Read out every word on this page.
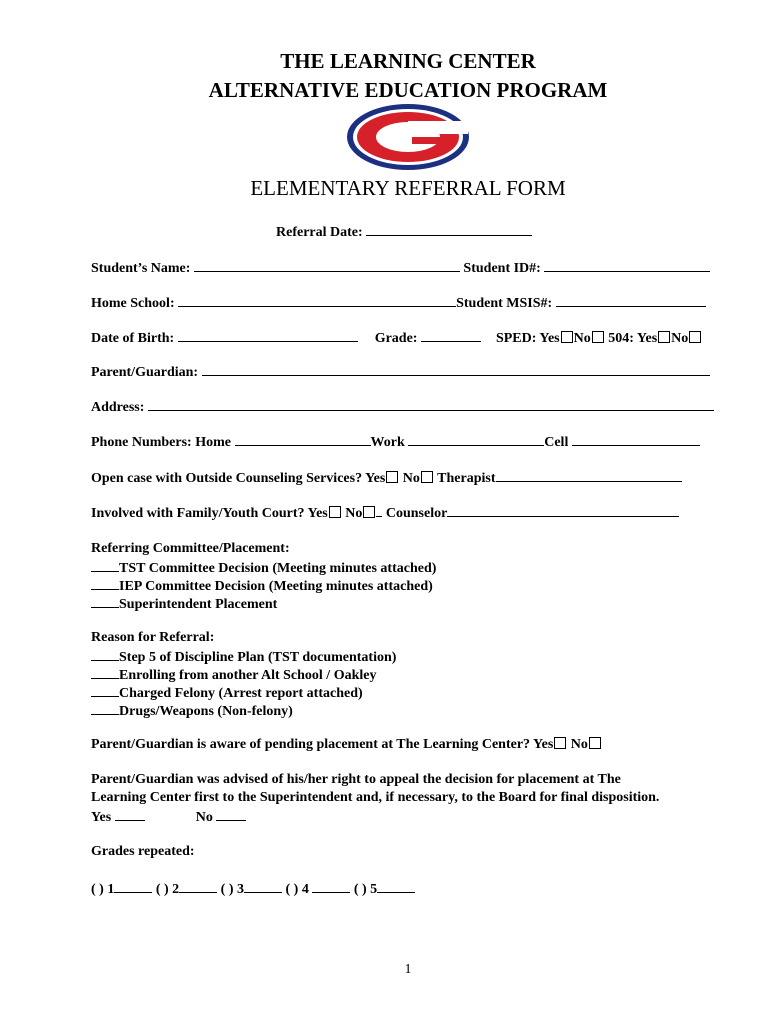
THE LEARNING CENTER
ALTERNATIVE EDUCATION PROGRAM
ELEMENTARY REFERRAL FORM
Referral Date:
Student’s Name:	Student ID#:
Home School:	Student MSIS#:
Date of Birth:	Grade:	SPED: Yes No 504: Yes No
Parent/Guardian:
Address:
Phone Numbers: Home	Work	Cell
Open case with Outside Counseling Services? Yes No Therapist
Involved with Family/Youth Court? Yes No Counselor
Referring Committee/Placement:
TST Committee Decision (Meeting minutes attached)
IEP Committee Decision (Meeting minutes attached)
Superintendent Placement
Reason for Referral:
Step 5 of Discipline Plan (TST documentation)
Enrolling from another Alt School / Oakley
Charged Felony (Arrest report attached)
Drugs/Weapons (Non-felony)
Parent/Guardian is aware of pending placement at The Learning Center? Yes No
Parent/Guardian was advised of his/her right to appeal the decision for placement at The
Learning Center first to the Superintendent and, if necessary, to the Board for final disposition.
Yes	No
Grades repeated:
( ) 1	( ) 2	( ) 3	( ) 4	( ) 5
1
